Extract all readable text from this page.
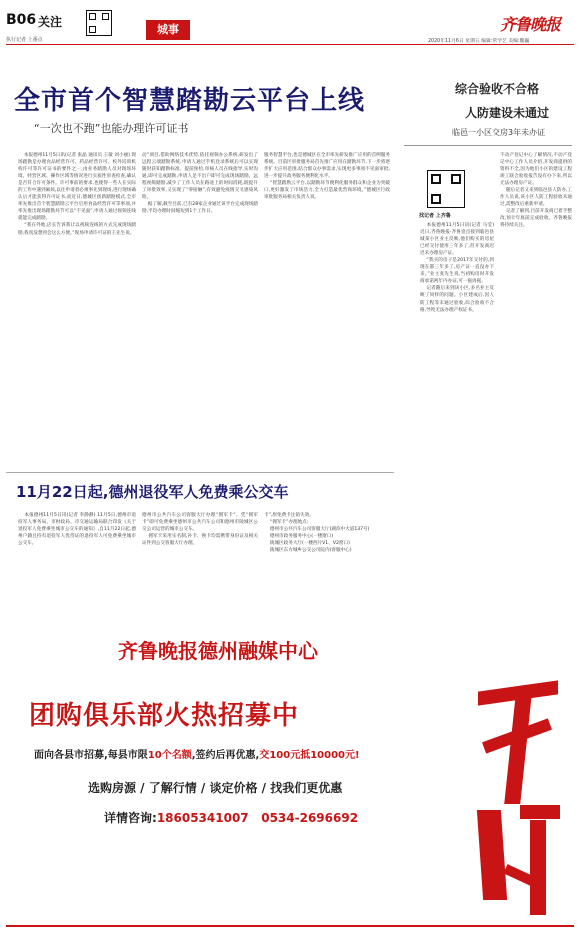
B06 关注
执行记者 上番点
城事	齐鲁晚报
2020年11月6日 星期五 编辑:常学艺 美编:魏巍
全市首个智慧踏勘云平台上线
“一次也不跑”也能办理许可证书
本报德州11月5日讯(记者 张晶 通讯员 王敏 刘小丽) 现场踏勘是办理食品经营许可、药品经营许可、校外培训机构许可等许可证书的要件之一,由业务踏勘人员对现场环境、经营区域、操作区域等情况进行实质性审查检查,确认是否符合许可条件。许可事前的要求,也使得一些人在实际的工作中遇到麻烦,以往申请者必须事先到现场,进行现场确认后才能获得许可证书,而近日,德城区创新踏勘模式,全市率先推出首个智慧踏勘云平台启用食品经营许可等事项,并率先推出现场踏勘环节可以“不见面”,申请人通过视频连线就能完成踏勘。
“我在外地,店长告诉我让以视频连线的方式完成现场踏勘,我真没想到会这么方便。”现场申请许可证的王先生说。
动”项目,借助网络技术优势,依托视频办公系统,研发出了远程云端踏勘系统,申请人通过手机登录系统后可以实现随时获知踏勘标准、提前预检,审核人员在线指导,实时沟通,即可完成踏勘,申请人足不出户即可完成现场踏勘。远程视频踏勘,减少了工作人员在路途上的时间消耗,既提升了审批效率,又实现了“零接触”,有效避免疫情交叉感染风险。
据了解,截至目前,已有28家企业通过该平台完成现场踏勘,平均办理时间缩短到1个工作日。
服务智慧平台,也是德城区在全市率先研发推广应用的首例服务系统。目前区审批服务局首先推广应用在踏勘环节,下一步将逐步扩大应用范围,结合群众办事需求,实现更多事项不见面审批,进一步提升政务服务便利化水平。
“智慧踏勘云平台,以踏勘环节便利化服务群众和企业为突破口,更好激发了市场活力,全力打造最优营商环境。”德城区行政审批服务局相关负责人说。
综合验收不合格
人防建设未通过
临邑一小区交房3年未办证
找记者 上齐鲁
本报德州11月5日讯(记者 马莹)近日,齐鲁晚报·齐鲁壹点接到临邑县城某小区业主反映,他们购买的房屋已经交付使用三年多了,但开发商迟迟未办理房产证。
“我买的房子是2017年交付的,到现在都三年多了,房产证一直没办下来。”业主张先生说,当初购房时开发商承诺两年内办证,可一拖再拖。
记者随后来到该小区,多名业主反映了同样的问题。小区建成后,因人防工程等未通过验收,综合验收不合格,导致无法办理产权证书。
不动产登记中心了解情况,不动产登记中心工作人员介绍,开发商提供的资料不全,因为他们小区的建设工程竣工联合验收报告没有办下来,所以无法办理房产证。
随后记者又来到临邑县人防办,工作人员说,该小区人防工程验收未通过,需整改后重新申请。
记者了解到,目前开发商已着手整改,预计年底前完成验收。齐鲁晚报将持续关注。
11月22日起,德州退役军人免费乘公交车
本报德州11月5日讯(记者 李静静) 11月5日,德州市退役军人事务局、市财政局、市交通运输局联合印发《关于退役军人免费乘坐城市公交车的通知》,自11月22日起,德州户籍且持有退役军人优待证的退役军人可免费乘坐城市公交车。
德州市公共汽车公司客服大厅办理“拥军卡”。凭“拥军卡”即可免费乘坐德州市公共汽车公司和德州市陵城区公交公司运营的城市公交车。
拥军卡采用实名制,补卡、换卡均需携带身份证及相关证件到公交客服大厅办理。
卡”,原免费卡注销失效。
“拥军卡”办理地点:
德州市公共汽车公司客服大厅(湖滨中大道137号)
德州市政务服务中心(一楼窗口)
陵城区政务大厅(一楼西片V1、V2窗口)
陵城区东方城乡公交公司院内(客服中心)
齐鲁晚报德州融媒中心
团购俱乐部火热招募中
面向各县市招募,每县市限10个名额,签约后再优惠,交100元抵10000元!
选购房源 / 了解行情 / 谈定价格 / 找我们更优惠
详情咨询:18605341007 0534-2696692
